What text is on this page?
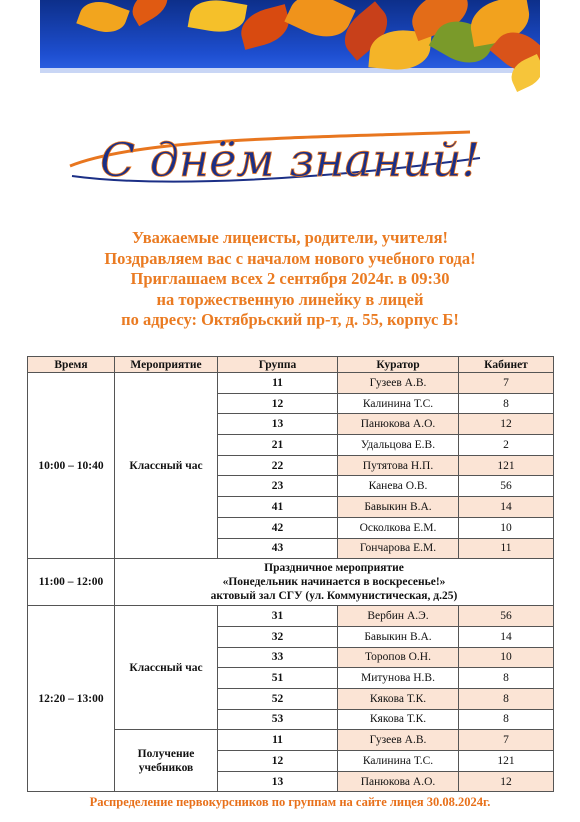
С днём знаний!
Уважаемые лицеисты, родители, учителя!
Поздравляем вас с началом нового учебного года!
Приглашаем всех 2 сентября 2024г. в 09:30
на торжественную линейку в лицей
по адресу: Октябрьский пр-т, д. 55, корпус Б!
Время	Мероприятие	Группа	Куратор	Кабинет
10:00 – 10:40	Классный час	11	Гузеев А.В.	7
		12	Калинина Т.С.	8
		13	Панюкова А.О.	12
		21	Удальцова Е.В.	2
		22	Путятова Н.П.	121
		23	Канева О.В.	56
		41	Бавыкин В.А.	14
		42	Осколкова Е.М.	10
		43	Гончарова Е.М.	11
11:00 – 12:00	Праздничное мероприятие
«Понедельник начинается в воскресенье!»
актовый зал СГУ (ул. Коммунистическая, д.25)			

12:20 – 13:00	Классный час	31	Вербин А.Э.	56
		32	Бавыкин В.А.	14
		33	Торопов О.Н.	10
		51	Митунова Н.В.	8
		52	Кякова Т.К.	8
		53	Кякова Т.К.	8
	Получение учебников	11	Гузеев А.В.	7
		12	Калинина Т.С.	121
		13	Панюкова А.О.	12
Распределение первокурсников по группам на сайте лицея 30.08.2024г.
